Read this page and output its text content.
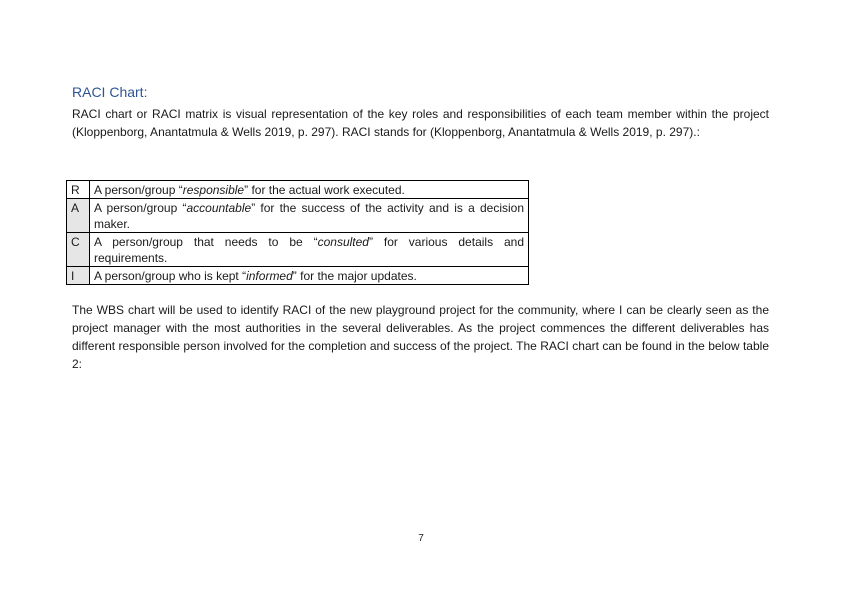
RACI Chart:

RACI chart or RACI matrix is visual representation of the key roles and responsibilities of each team member within the project (Kloppenborg, Anantatmula & Wells 2019, p. 297). RACI stands for (Kloppenborg, Anantatmula & Wells 2019, p. 297).:

R	A person/group “responsible” for the actual work executed.
A	A person/group “accountable” for the success of the activity and is a decision maker.
C	A person/group that needs to be “consulted” for various details and requirements.
I	A person/group who is kept “informed” for the major updates.

The WBS chart will be used to identify RACI of the new playground project for the community, where I can be clearly seen as the project manager with the most authorities in the several deliverables. As the project commences the different deliverables has different responsible person involved for the completion and success of the project. The RACI chart can be found in the below table 2:

7
